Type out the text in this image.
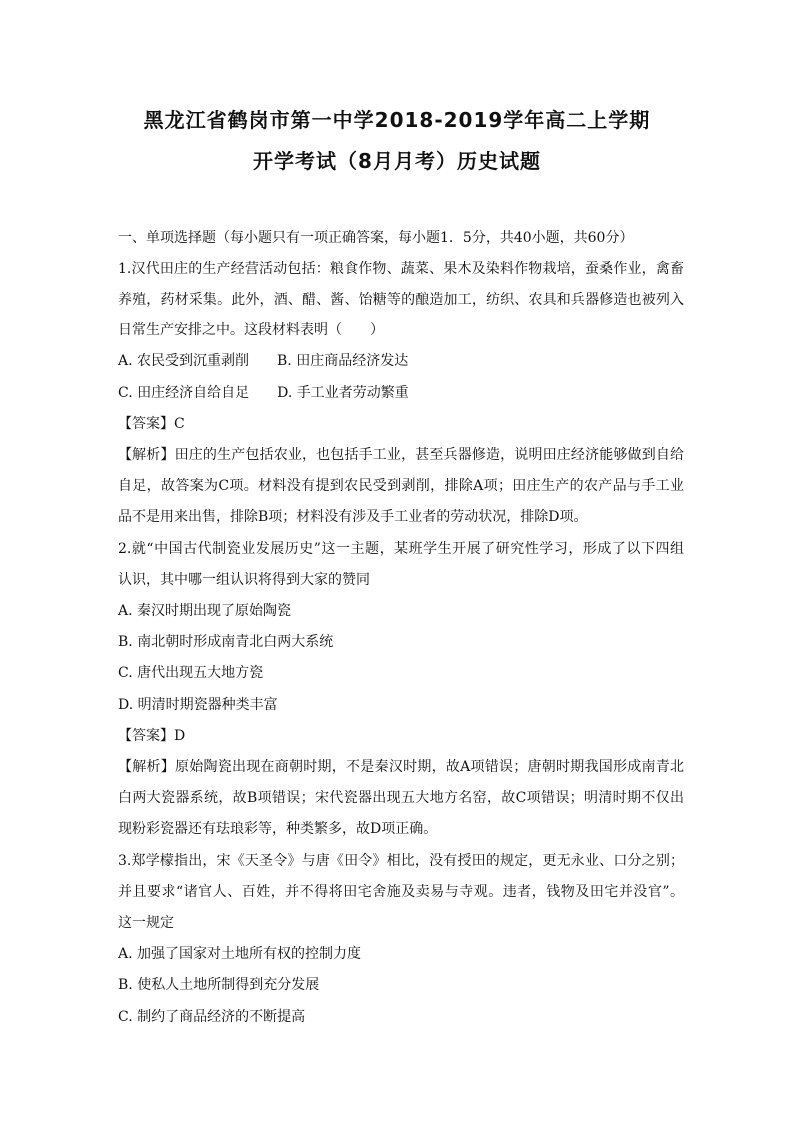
黑龙江省鹤岗市第一中学2018-2019学年高二上学期
开学考试（8月月考）历史试题
一、单项选择题（每小题只有一项正确答案，每小题1．5分，共40小题，共60分）
1.汉代田庄的生产经营活动包括：粮食作物、蔬菜、果木及染料作物栽培，蚕桑作业，禽畜
养殖，药材采集。此外，酒、醋、酱、饴糖等的酿造加工，纺织、农具和兵器修造也被列入
日常生产安排之中。这段材料表明（　　）
A. 农民受到沉重剥削　　B. 田庄商品经济发达
C. 田庄经济自给自足　　D. 手工业者劳动繁重
【答案】C
【解析】田庄的生产包括农业，也包括手工业，甚至兵器修造，说明田庄经济能够做到自给
自足，故答案为C项。材料没有提到农民受到剥削，排除A项；田庄生产的农产品与手工业
品不是用来出售，排除B项；材料没有涉及手工业者的劳动状况，排除D项。
2.就“中国古代制瓷业发展历史”这一主题，某班学生开展了研究性学习，形成了以下四组
认识，其中哪一组认识将得到大家的赞同
A. 秦汉时期出现了原始陶瓷
B. 南北朝时形成南青北白两大系统
C. 唐代出现五大地方瓷
D. 明清时期瓷器种类丰富
【答案】D
【解析】原始陶瓷出现在商朝时期，不是秦汉时期，故A项错误；唐朝时期我国形成南青北
白两大瓷器系统，故B项错误；宋代瓷器出现五大地方名窑，故C项错误；明清时期不仅出
现粉彩瓷器还有珐琅彩等，种类繁多，故D项正确。
3.郑学檬指出，宋《天圣令》与唐《田令》相比，没有授田的规定，更无永业、口分之别；
并且要求“诸官人、百姓，并不得将田宅舍施及卖易与寺观。违者，钱物及田宅并没官”。
这一规定
A. 加强了国家对土地所有权的控制力度
B. 使私人土地所制得到充分发展
C. 制约了商品经济的不断提高
